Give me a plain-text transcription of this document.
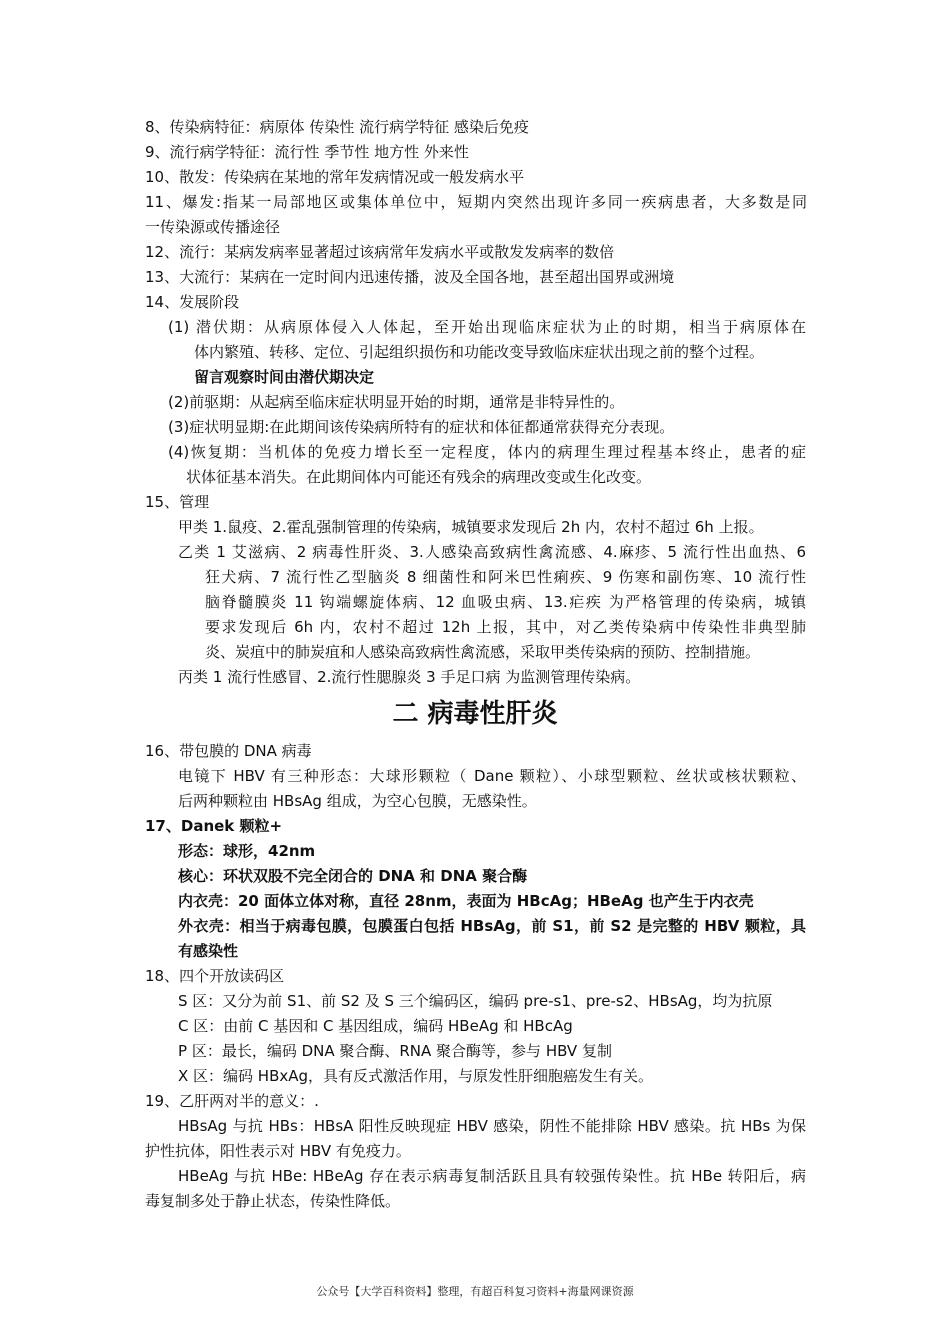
8、传染病特征：病原体 传染性 流行病学特征 感染后免疫
9、流行病学特征：流行性 季节性 地方性 外来性
10、散发：传染病在某地的常年发病情况或一般发病水平
11、爆发:指某一局部地区或集体单位中，短期内突然出现许多同一疾病患者，大多数是同
一传染源或传播途径
12、流行：某病发病率显著超过该病常年发病水平或散发发病率的数倍
13、大流行：某病在一定时间内迅速传播，波及全国各地，甚至超出国界或洲境
14、发展阶段
(1) 潜伏期：从病原体侵入人体起，至开始出现临床症状为止的时期，相当于病原体在
体内繁殖、转移、定位、引起组织损伤和功能改变导致临床症状出现之前的整个过程。
留言观察时间由潜伏期决定
(2)前驱期：从起病至临床症状明显开始的时期，通常是非特异性的。
(3)症状明显期:在此期间该传染病所特有的症状和体征都通常获得充分表现。
(4)恢复期：当机体的免疫力增长至一定程度，体内的病理生理过程基本终止，患者的症
状体征基本消失。在此期间体内可能还有残余的病理改变或生化改变。
15、管理
甲类 1.鼠疫、2.霍乱强制管理的传染病，城镇要求发现后 2h 内，农村不超过 6h 上报。
乙类 1 艾滋病、2 病毒性肝炎、3.人感染高致病性禽流感、4.麻疹、5 流行性出血热、6
狂犬病、7 流行性乙型脑炎 8 细菌性和阿米巴性痢疾、9 伤寒和副伤寒、10 流行性
脑脊髓膜炎 11 钩端螺旋体病、12 血吸虫病、13.疟疾 为严格管理的传染病，城镇
要求发现后 6h 内，农村不超过 12h 上报，其中，对乙类传染病中传染性非典型肺
炎、炭疽中的肺炭疽和人感染高致病性禽流感，采取甲类传染病的预防、控制措施。
丙类 1 流行性感冒、2.流行性腮腺炎 3 手足口病 为监测管理传染病。
二 病毒性肝炎
16、带包膜的 DNA 病毒
电镜下 HBV 有三种形态：大球形颗粒（ Dane 颗粒）、小球型颗粒、丝状或核状颗粒、
后两种颗粒由 HBsAg 组成，为空心包膜，无感染性。
17、Danek 颗粒+
形态：球形，42nm
核心：环状双股不完全闭合的 DNA 和 DNA 聚合酶
内衣壳：20 面体立体对称，直径 28nm，表面为 HBcAg；HBeAg 也产生于内衣壳
外衣壳：相当于病毒包膜，包膜蛋白包括 HBsAg，前 S1，前 S2 是完整的 HBV 颗粒，具
有感染性
18、四个开放读码区
S 区：又分为前 S1、前 S2 及 S 三个编码区，编码 pre-s1、pre-s2、HBsAg，均为抗原
C 区：由前 C 基因和 C 基因组成，编码 HBeAg 和 HBcAg
P 区：最长，编码 DNA 聚合酶、RNA 聚合酶等，参与 HBV 复制
X 区：编码 HBxAg，具有反式激活作用，与原发性肝细胞癌发生有关。
19、乙肝两对半的意义：.
HBsAg 与抗 HBs：HBsA 阳性反映现症 HBV 感染，阴性不能排除 HBV 感染。抗 HBs 为保
护性抗体，阳性表示对 HBV 有免疫力。
HBeAg 与抗 HBe: HBeAg 存在表示病毒复制活跃且具有较强传染性。抗 HBe 转阳后，病
毒复制多处于静止状态，传染性降低。
公众号【大学百科资料】整理，有超百科复习资料+海量网课资源
